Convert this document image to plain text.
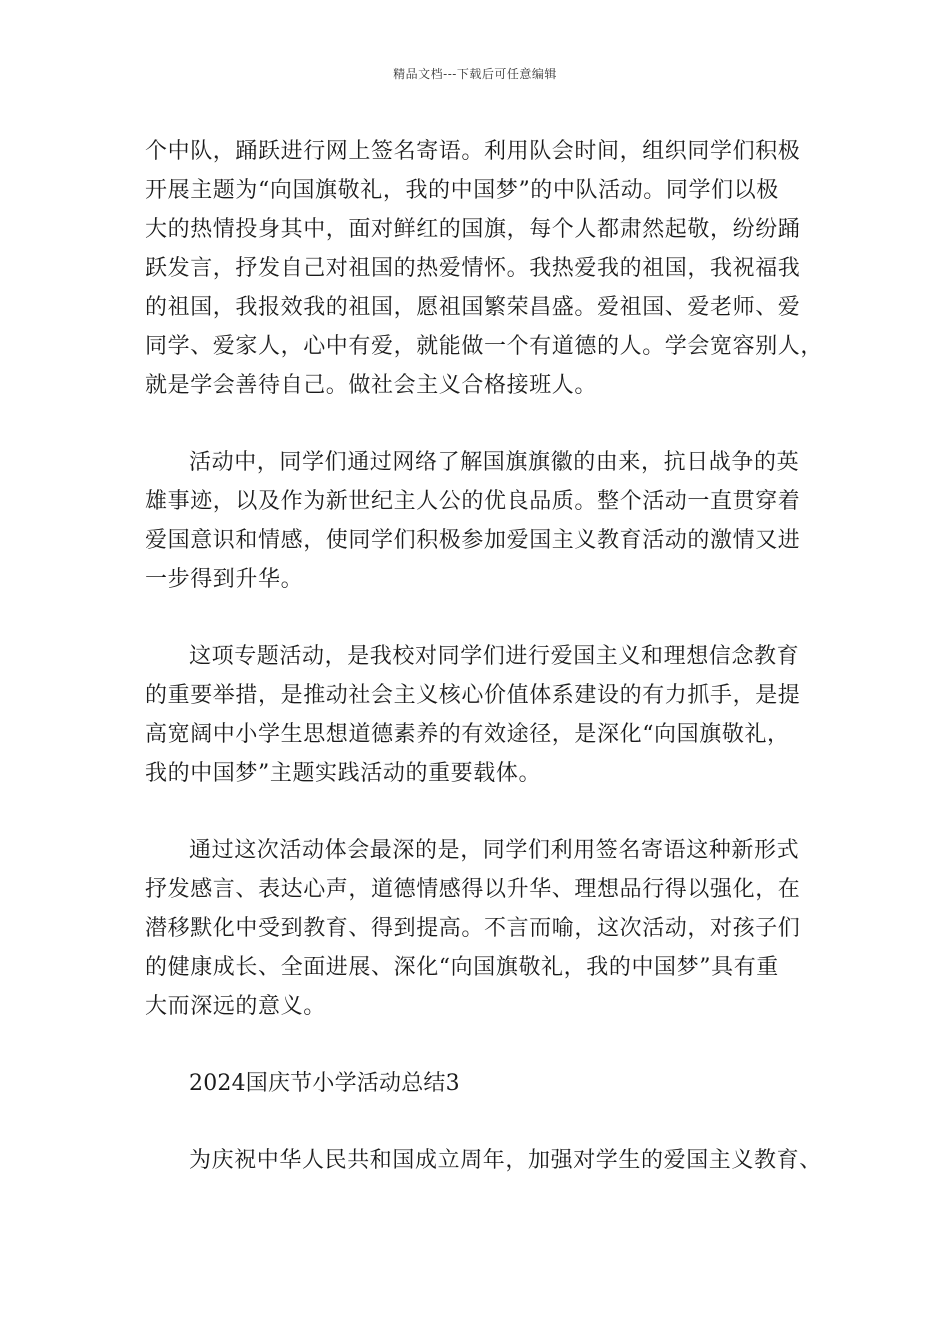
精品文档---下载后可任意编辑
个中队，踊跃进行网上签名寄语。利用队会时间，组织同学们积极
开展主题为“向国旗敬礼，我的中国梦”的中队活动。同学们以极
大的热情投身其中，面对鲜红的国旗，每个人都肃然起敬，纷纷踊
跃发言，抒发自己对祖国的热爱情怀。我热爱我的祖国，我祝福我
的祖国，我报效我的祖国，愿祖国繁荣昌盛。爱祖国、爱老师、爱
同学、爱家人，心中有爱，就能做一个有道德的人。学会宽容别人，
就是学会善待自己。做社会主义合格接班人。
活动中，同学们通过网络了解国旗旗徽的由来，抗日战争的英
雄事迹，以及作为新世纪主人公的优良品质。整个活动一直贯穿着
爱国意识和情感，使同学们积极参加爱国主义教育活动的激情又进
一步得到升华。
这项专题活动，是我校对同学们进行爱国主义和理想信念教育
的重要举措，是推动社会主义核心价值体系建设的有力抓手，是提
高宽阔中小学生思想道德素养的有效途径，是深化“向国旗敬礼，
我的中国梦”主题实践活动的重要载体。
通过这次活动体会最深的是，同学们利用签名寄语这种新形式
抒发感言、表达心声，道德情感得以升华、理想品行得以强化，在
潜移默化中受到教育、得到提高。不言而喻，这次活动，对孩子们
的健康成长、全面进展、深化“向国旗敬礼，我的中国梦”具有重
大而深远的意义。
2024国庆节小学活动总结3
为庆祝中华人民共和国成立周年，加强对学生的爱国主义教育、
